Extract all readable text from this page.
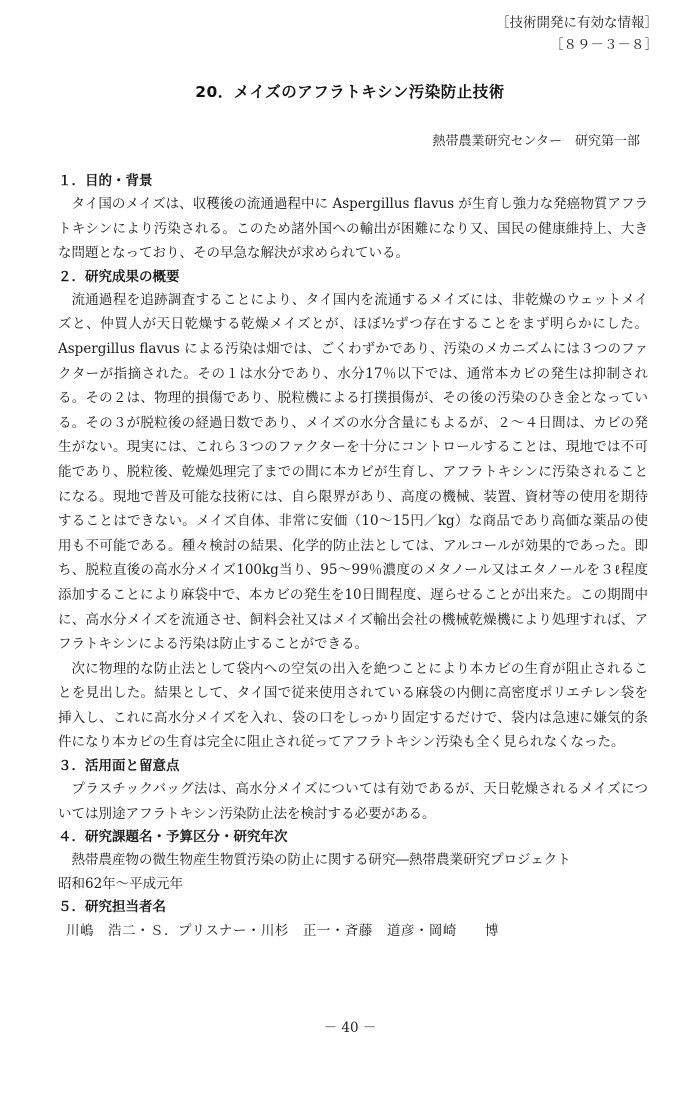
［技術開発に有効な情報］
［８９－３－８］
20．メイズのアフラトキシン汚染防止技術
熱帯農業研究センター　研究第一部
１．目的・背景

タイ国のメイズは、収穫後の流通過程中に Aspergillus flavus が生育し強力な発癌物質アフラトキシンにより汚染される。このため諸外国への輸出が困難になり又、国民の健康維持上、大きな問題となっており、その早急な解決が求められている。

２．研究成果の概要

流通過程を追跡調査することにより、タイ国内を流通するメイズには、非乾燥のウェットメイズと、仲買人が天日乾燥する乾燥メイズとが、ほぼ½ずつ存在することをまず明らかにした。Aspergillus flavus による汚染は畑では、ごくわずかであり、汚染のメカニズムには３つのファクターが指摘された。その１は水分であり、水分17％以下では、通常本カビの発生は抑制される。その２は、物理的損傷であり、脱粒機による打撲損傷が、その後の汚染のひき金となっている。その３が脱粒後の経過日数であり、メイズの水分含量にもよるが、２～４日間は、カビの発生がない。現実には、これら３つのファクターを十分にコントロールすることは、現地では不可能であり、脱粒後、乾燥処理完了までの間に本カビが生育し、アフラトキシンに汚染されることになる。現地で普及可能な技術には、自ら限界があり、高度の機械、装置、資材等の使用を期待することはできない。メイズ自体、非常に安価（10～15円／kg）な商品であり高価な薬品の使用も不可能である。種々検討の結果、化学的防止法としては、アルコールが効果的であった。即ち、脱粒直後の高水分メイズ100kg当り、95～99％濃度のメタノール又はエタノールを３ℓ程度添加することにより麻袋中で、本カビの発生を10日間程度、遅らせることが出来た。この期間中に、高水分メイズを流通させ、飼料会社又はメイズ輸出会社の機械乾燥機により処理すれば、アフラトキシンによる汚染は防止することができる。

次に物理的な防止法として袋内への空気の出入を絶つことにより本カビの生育が阻止されることを見出した。結果として、タイ国で従来使用されている麻袋の内側に高密度ポリエチレン袋を挿入し、これに高水分メイズを入れ、袋の口をしっかり固定するだけで、袋内は急速に嫌気的条件になり本カビの生育は完全に阻止され従ってアフラトキシン汚染も全く見られなくなった。

３．活用面と留意点

プラスチックバッグ法は、高水分メイズについては有効であるが、天日乾燥されるメイズについては別途アフラトキシン汚染防止法を検討する必要がある。

４．研究課題名・予算区分・研究年次
熱帯農産物の微生物産生物質汚染の防止に関する研究―熱帯農業研究プロジェクト
昭和62年～平成元年
５．研究担当者名
川嶋　浩二・Ｓ．プリスナー・川杉　正一・斉藤　道彦・岡崎　　博
－ 40 －
